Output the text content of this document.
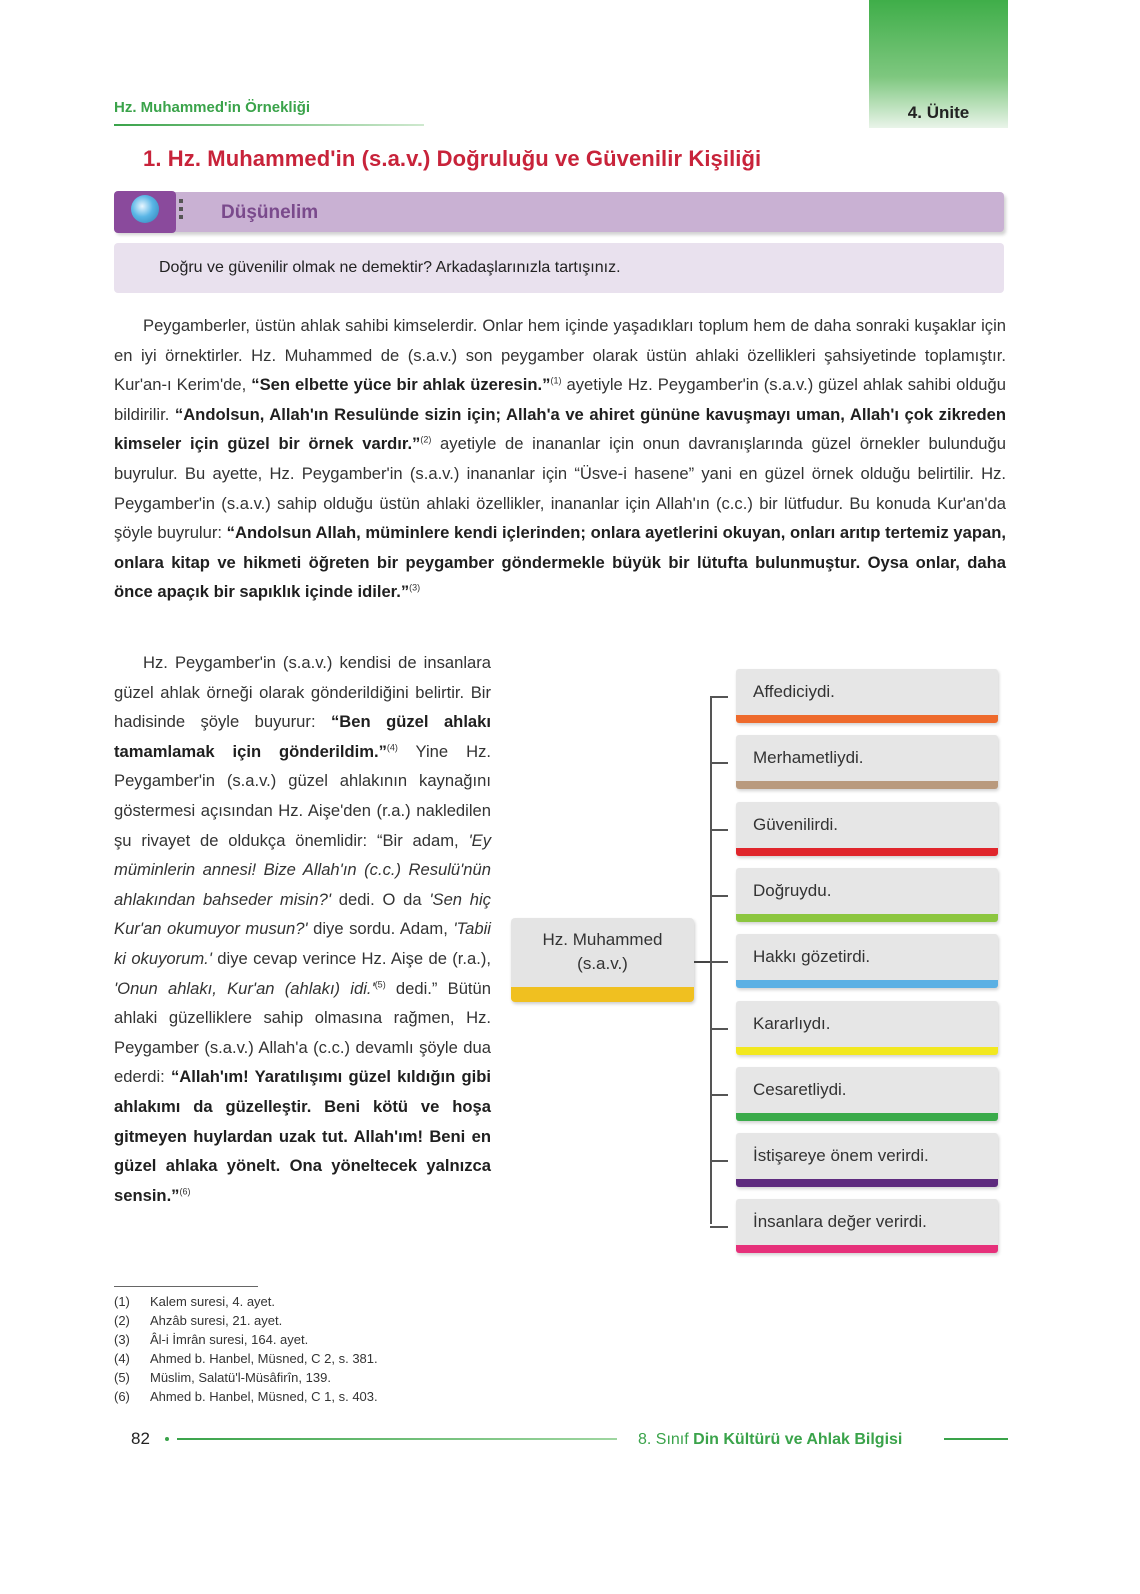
4. Ünite
Hz. Muhammed'in Örnekliği
1. Hz. Muhammed'in (s.a.v.) Doğruluğu ve Güvenilir Kişiliği
Düşünelim
Doğru ve güvenilir olmak ne demektir? Arkadaşlarınızla tartışınız.
Peygamberler, üstün ahlak sahibi kimselerdir. Onlar hem içinde yaşadıkları toplum hem de daha sonraki kuşaklar için en iyi örnektirler. Hz. Muhammed de (s.a.v.) son peygamber olarak üstün ahlaki özellikleri şahsiyetinde toplamıştır. Kur'an-ı Kerim'de, “Sen elbette yüce bir ahlak üzeresin.”$^{(1)}$ ayetiyle Hz. Peygamber'in (s.a.v.) güzel ahlak sahibi olduğu bildirilir. “Andolsun, Allah'ın Resulünde sizin için; Allah'a ve ahiret gününe kavuşmayı uman, Allah'ı çok zikreden kimseler için güzel bir örnek vardır.”$^{(2)}$ ayetiyle de inananlar için onun davranışlarında güzel örnekler bulunduğu buyrulur. Bu ayette, Hz. Peygamber'in (s.a.v.) inananlar için “Üsve-i hasene” yani en güzel örnek olduğu belirtilir. Hz. Peygamber'in (s.a.v.) sahip olduğu üstün ahlaki özellikler, inananlar için Allah'ın (c.c.) bir lütfudur. Bu konuda Kur'an'da şöyle buyrulur: “Andolsun Allah, müminlere kendi içlerinden; onlara ayetlerini okuyan, onları arıtıp tertemiz yapan, onlara kitap ve hikmeti öğreten bir peygamber göndermekle büyük bir lütufta bulunmuştur. Oysa onlar, daha önce apaçık bir sapıklık içinde idiler.”$^{(3)}$
Hz. Peygamber'in (s.a.v.) kendisi de insanlara güzel ahlak örneği olarak gönderildiğini belirtir. Bir hadisinde şöyle buyurur: “Ben güzel ahlakı tamamlamak için gönderildim.”$^{(4)}$ Yine Hz. Peygamber'in (s.a.v.) güzel ahlakının kaynağını göstermesi açısından Hz. Aişe'den (r.a.) nakledilen şu rivayet de oldukça önemlidir: “Bir adam, 'Ey müminlerin annesi! Bize Allah'ın (c.c.) Resulü'nün ahlakından bahseder misin?' dedi. O da 'Sen hiç Kur'an okumuyor musun?' diye sordu. Adam, 'Tabii ki okuyorum.' diye cevap verince Hz. Aişe de (r.a.), 'Onun ahlakı, Kur'an (ahlakı) $idi.'^{(5)}$ dedi.” Bütün ahlaki güzelliklere sahip olmasına rağmen, Hz. Peygamber (s.a.v.) Allah'a (c.c.) devamlı şöyle dua ederdi: “Allah'ım! Yaratılışımı güzel kıldığın gibi ahlakımı da güzelleştir. Beni kötü ve hoşa gitmeyen huylardan uzak tut. Allah'ım! Beni en güzel ahlaka yönelt. Ona yöneltecek yalnızca sensin.”$^{(6)}$
Hz. Muhammed
(s.a.v.)
Affediciydi.
Merhametliydi.
Güvenilirdi.
Doğruydu.
Hakkı gözetirdi.
Kararlıydı.
Cesaretliydi.
İstişareye önem verirdi.
İnsanlara değer verirdi.
(1) Kalem suresi, 4. ayet.
(2) Ahzâb suresi, 21. ayet.
(3) Âl-i İmrân suresi, 164. ayet.
(4) Ahmed b. Hanbel, Müsned, C 2, s. 381.
(5) Müslim, Salatü'l-Müsâfirîn, 139.
(6) Ahmed b. Hanbel, Müsned, C 1, s. 403.
82	8. Sınıf Din Kültürü ve Ahlak Bilgisi
